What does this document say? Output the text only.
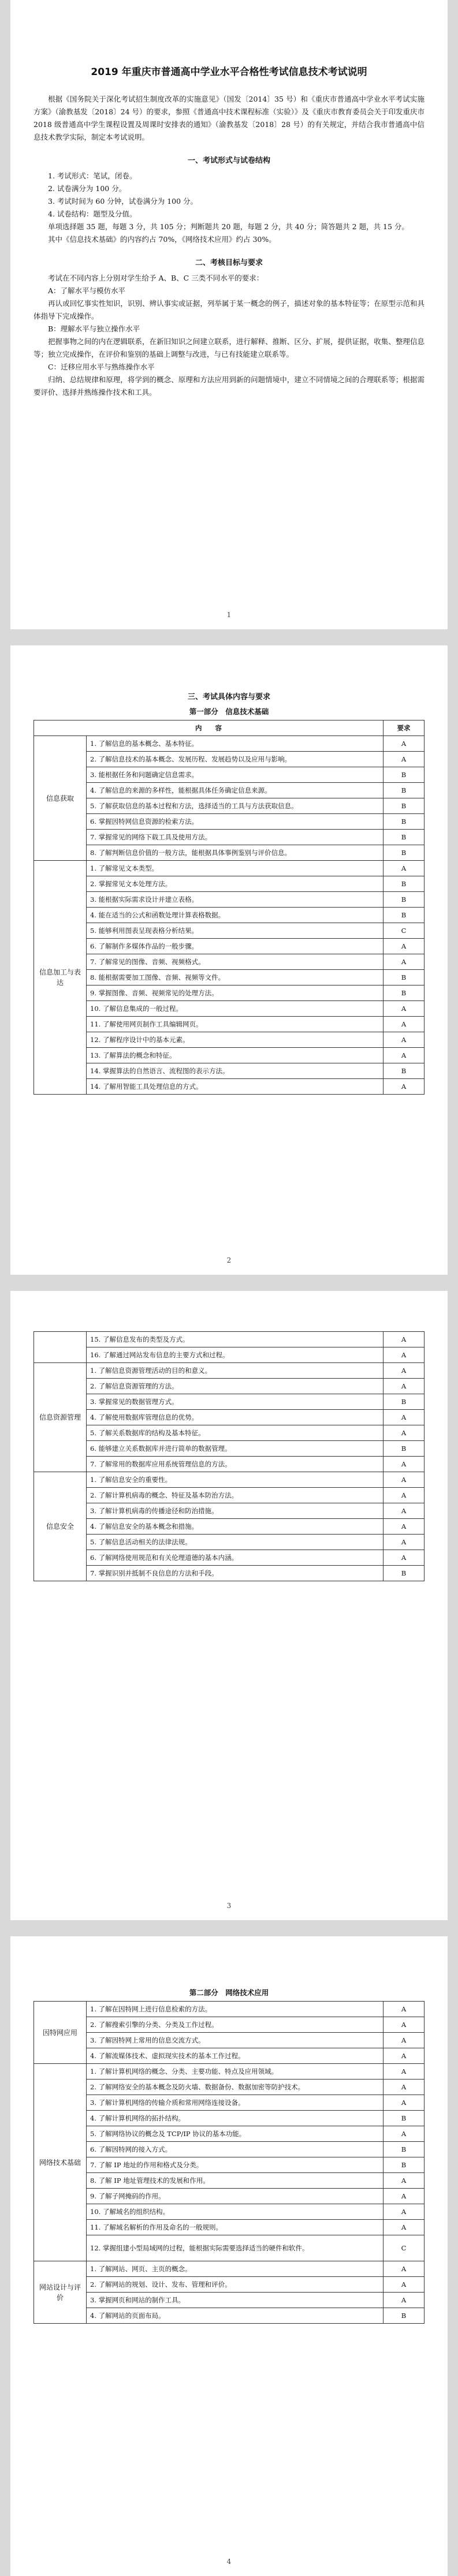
2019 年重庆市普通高中学业水平合格性考试信息技术考试说明

根据《国务院关于深化考试招生制度改革的实施意见》（国发〔2014〕35 号）和《重庆市普通高中学业水平考试实施方案》（渝教基发〔2018〕24 号）的要求，参照《普通高中技术课程标准（实验）》及《重庆市教育委员会关于印发重庆市 2018 级普通高中学生课程设置及周课时安排表的通知》（渝教基发〔2018〕28 号）的有关规定，并结合我市普通高中信息技术教学实际，制定本考试说明。

一、考试形式与试卷结构

1. 考试形式：笔试，闭卷。

2. 试卷满分为 100 分。

3. 考试时间为 60 分钟，试卷满分为 100 分。

4. 试卷结构：题型及分值。

单项选择题 35 题，每题 3 分，共 105 分；判断题共 20 题，每题 2 分，共 40 分；简答题共 2 题，共 15 分。

其中《信息技术基础》的内容约占 70%，《网络技术应用》约占 30%。

二、考核目标与要求

考试在不同内容上分别对学生给予 A、B、C 三类不同水平的要求：

A：了解水平与模仿水平

再认或回忆事实性知识，识别、辨认事实或证据，列举属于某一概念的例子，描述对象的基本特征等；在原型示范和具体指导下完成操作。

B：理解水平与独立操作水平

把握事物之间的内在逻辑联系，在新旧知识之间建立联系，进行解释、推断、区分、扩展，提供证据，收集、整理信息等；独立完成操作，在评价和鉴别的基础上调整与改进，与已有技能建立联系等。

C：迁移应用水平与熟练操作水平

归纳、总结规律和原理，将学到的概念、原理和方法应用到新的问题情境中，建立不同情境之间的合理联系等；根据需要评价、选择并熟练操作技术和工具。

1
三、考试具体内容与要求
第一部分　信息技术基础
内　　容		要求
信息获取	1. 了解信息的基本概念、基本特征。	A
	2. 了解信息技术的基本概念、发展历程、发展趋势以及应用与影响。	A
	3. 能根据任务和问题确定信息需求。	B
	4. 了解信息的来源的多样性，能根据具体任务确定信息来源。	B
	5. 了解获取信息的基本过程和方法，选择适当的工具与方法获取信息。	B
	6. 掌握因特网信息资源的检索方法。	B
	7. 掌握常见的网络下载工具及使用方法。	B
	8. 了解判断信息价值的一般方法，能根据具体事例鉴别与评价信息。	B
信息加工与表达	1. 了解常见文本类型。	A
	2. 掌握常见文本处理方法。	B
	3. 能根据实际需求设计并建立表格。	B
	4. 能在适当的公式和函数处理计算表格数据。	B
	5. 能够利用图表呈现表格分析结果。	C
	6. 了解制作多媒体作品的一般步骤。	A
	7. 了解常见的图像、音频、视频格式。	A
	8. 能根据需要加工图像、音频、视频等文件。	B
	9. 掌握图像、音频、视频常见的处理方法。	B
	10. 了解信息集成的一般过程。	A
	11. 了解使用网页制作工具编辑网页。	A
	12. 了解程序设计中的基本元素。	A
	13. 了解算法的概念和特征。	A
	14. 掌握算法的自然语言、流程图的表示方法。	B
	14. 了解用智能工具处理信息的方式。	A
2
	15. 了解信息发布的类型及方式。	A
	16. 了解通过网站发布信息的主要方式和过程。	A
信息资源管理	1. 了解信息资源管理活动的目的和意义。	A
	2. 了解信息资源管理的方法。	A
	3. 掌握常见的数据管理方式。	B
	4. 了解使用数据库管理信息的优势。	A
	5. 了解关系数据库的结构及基本特征。	A
	6. 能够建立关系数据库并进行简单的数据管理。	B
	7. 了解常用的数据库应用系统管理信息的方法。	A
信息安全	1. 了解信息安全的重要性。	A
	2. 了解计算机病毒的概念、特征及基本防治方法。	A
	3. 了解计算机病毒的传播途径和防治措施。	A
	4. 了解信息安全的基本概念和措施。	A
	5. 了解信息活动相关的法律法规。	A
	6. 了解网络使用规范和有关伦理道德的基本内涵。	A
	7. 掌握识别并抵制不良信息的方法和手段。	B
3
第二部分　网络技术应用
因特网应用	1. 了解在因特网上进行信息检索的方法。	A
	2. 了解搜索引擎的分类、分类及工作过程。	A
	3. 了解因特网上常用的信息交流方式。	A
	4. 了解流媒体技术、虚拟现实技术的基本工作过程。	A
网络技术基础	1. 了解计算机网络的概念、分类、主要功能、特点及应用领域。	A
	2. 了解网络安全的基本概念及防火墙、数据备份、数据加密等防护技术。	A
	3. 了解计算机网络的传输介质和常用网络连接设备。	A
	4. 了解计算机网络的拓扑结构。	B
	5. 了解网络协议的概念及 TCP/IP 协议的基本功能。	A
	6. 了解因特网的接入方式。	B
	7. 了解 IP 地址的作用和格式及分类。	B
	8. 了解 IP 地址管理技术的发展和作用。	A
	9. 了解子网掩码的作用。	A
	10. 了解域名的组织结构。	A
	11. 了解域名解析的作用及命名的一般规则。	A
	12. 掌握组建小型局域网的过程，能根据实际需要选择适当的硬件和软件。	C
网站设计与评价	1. 了解网站、网页、主页的概念。	A
	2. 了解网站的规划、设计、发布、管理和评价。	A
	3. 掌握网页和网站的制作工具。	A
	4. 了解网站的页面布局。	B
4
